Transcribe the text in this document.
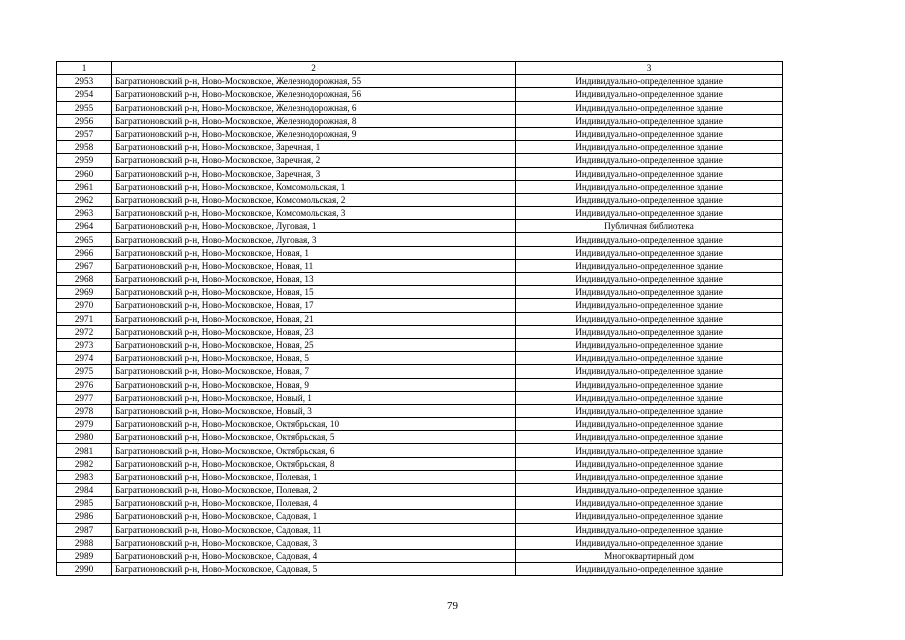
1	2	3
2953	Багратионовский р-н, Ново-Московское, Железнодорожная, 55	Индивидуально-определенное здание
2954	Багратионовский р-н, Ново-Московское, Железнодорожная, 56	Индивидуально-определенное здание
2955	Багратионовский р-н, Ново-Московское, Железнодорожная, 6	Индивидуально-определенное здание
2956	Багратионовский р-н, Ново-Московское, Железнодорожная, 8	Индивидуально-определенное здание
2957	Багратионовский р-н, Ново-Московское, Железнодорожная, 9	Индивидуально-определенное здание
2958	Багратионовский р-н, Ново-Московское, Заречная, 1	Индивидуально-определенное здание
2959	Багратионовский р-н, Ново-Московское, Заречная, 2	Индивидуально-определенное здание
2960	Багратионовский р-н, Ново-Московское, Заречная, 3	Индивидуально-определенное здание
2961	Багратионовский р-н, Ново-Московское, Комсомольская, 1	Индивидуально-определенное здание
2962	Багратионовский р-н, Ново-Московское, Комсомольская, 2	Индивидуально-определенное здание
2963	Багратионовский р-н, Ново-Московское, Комсомольская, 3	Индивидуально-определенное здание
2964	Багратионовский р-н, Ново-Московское, Луговая, 1	Публичная библиотека
2965	Багратионовский р-н, Ново-Московское, Луговая, 3	Индивидуально-определенное здание
2966	Багратионовский р-н, Ново-Московское, Новая, 1	Индивидуально-определенное здание
2967	Багратионовский р-н, Ново-Московское, Новая, 11	Индивидуально-определенное здание
2968	Багратионовский р-н, Ново-Московское, Новая, 13	Индивидуально-определенное здание
2969	Багратионовский р-н, Ново-Московское, Новая, 15	Индивидуально-определенное здание
2970	Багратионовский р-н, Ново-Московское, Новая, 17	Индивидуально-определенное здание
2971	Багратионовский р-н, Ново-Московское, Новая, 21	Индивидуально-определенное здание
2972	Багратионовский р-н, Ново-Московское, Новая, 23	Индивидуально-определенное здание
2973	Багратионовский р-н, Ново-Московское, Новая, 25	Индивидуально-определенное здание
2974	Багратионовский р-н, Ново-Московское, Новая, 5	Индивидуально-определенное здание
2975	Багратионовский р-н, Ново-Московское, Новая, 7	Индивидуально-определенное здание
2976	Багратионовский р-н, Ново-Московское, Новая, 9	Индивидуально-определенное здание
2977	Багратионовский р-н, Ново-Московское, Новый, 1	Индивидуально-определенное здание
2978	Багратионовский р-н, Ново-Московское, Новый, 3	Индивидуально-определенное здание
2979	Багратионовский р-н, Ново-Московское, Октябрьская, 10	Индивидуально-определенное здание
2980	Багратионовский р-н, Ново-Московское, Октябрьская, 5	Индивидуально-определенное здание
2981	Багратионовский р-н, Ново-Московское, Октябрьская, 6	Индивидуально-определенное здание
2982	Багратионовский р-н, Ново-Московское, Октябрьская, 8	Индивидуально-определенное здание
2983	Багратионовский р-н, Ново-Московское, Полевая, 1	Индивидуально-определенное здание
2984	Багратионовский р-н, Ново-Московское, Полевая, 2	Индивидуально-определенное здание
2985	Багратионовский р-н, Ново-Московское, Полевая, 4	Индивидуально-определенное здание
2986	Багратионовский р-н, Ново-Московское, Садовая, 1	Индивидуально-определенное здание
2987	Багратионовский р-н, Ново-Московское, Садовая, 11	Индивидуально-определенное здание
2988	Багратионовский р-н, Ново-Московское, Садовая, 3	Индивидуально-определенное здание
2989	Багратионовский р-н, Ново-Московское, Садовая, 4	Многоквартирный дом
2990	Багратионовский р-н, Ново-Московское, Садовая, 5	Индивидуально-определенное здание
79
